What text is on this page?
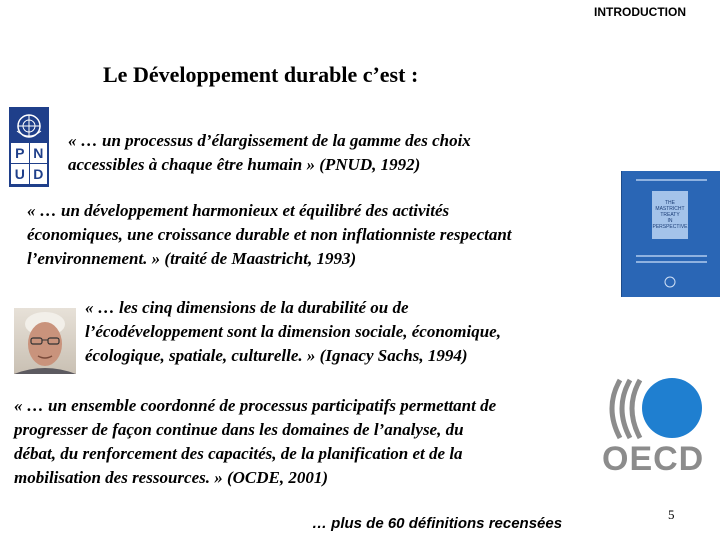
INTRODUCTION
Le Développement durable c’est :
P N
U D
« … un processus d’élargissement de la gamme des choix
accessibles à chaque être humain » (PNUD, 1992)
THE
MASTRICHT
TREATY
IN
PERSPECTIVE
« … un développement harmonieux et équilibré des activités
économiques, une croissance durable et non inflationniste respectant
l’environnement. » (traité de Maastricht, 1993)
« … les cinq dimensions de la durabilité ou de
l’écodéveloppement sont la dimension sociale, économique,
écologique, spatiale, culturelle. » (Ignacy Sachs, 1994)
OECD
« … un ensemble coordonné de processus participatifs permettant de
progresser de façon continue dans les domaines de l’analyse, du
débat, du renforcement des capacités, de la planification et de la
mobilisation des ressources. » (OCDE, 2001)
… plus de 60 définitions recensées
5
